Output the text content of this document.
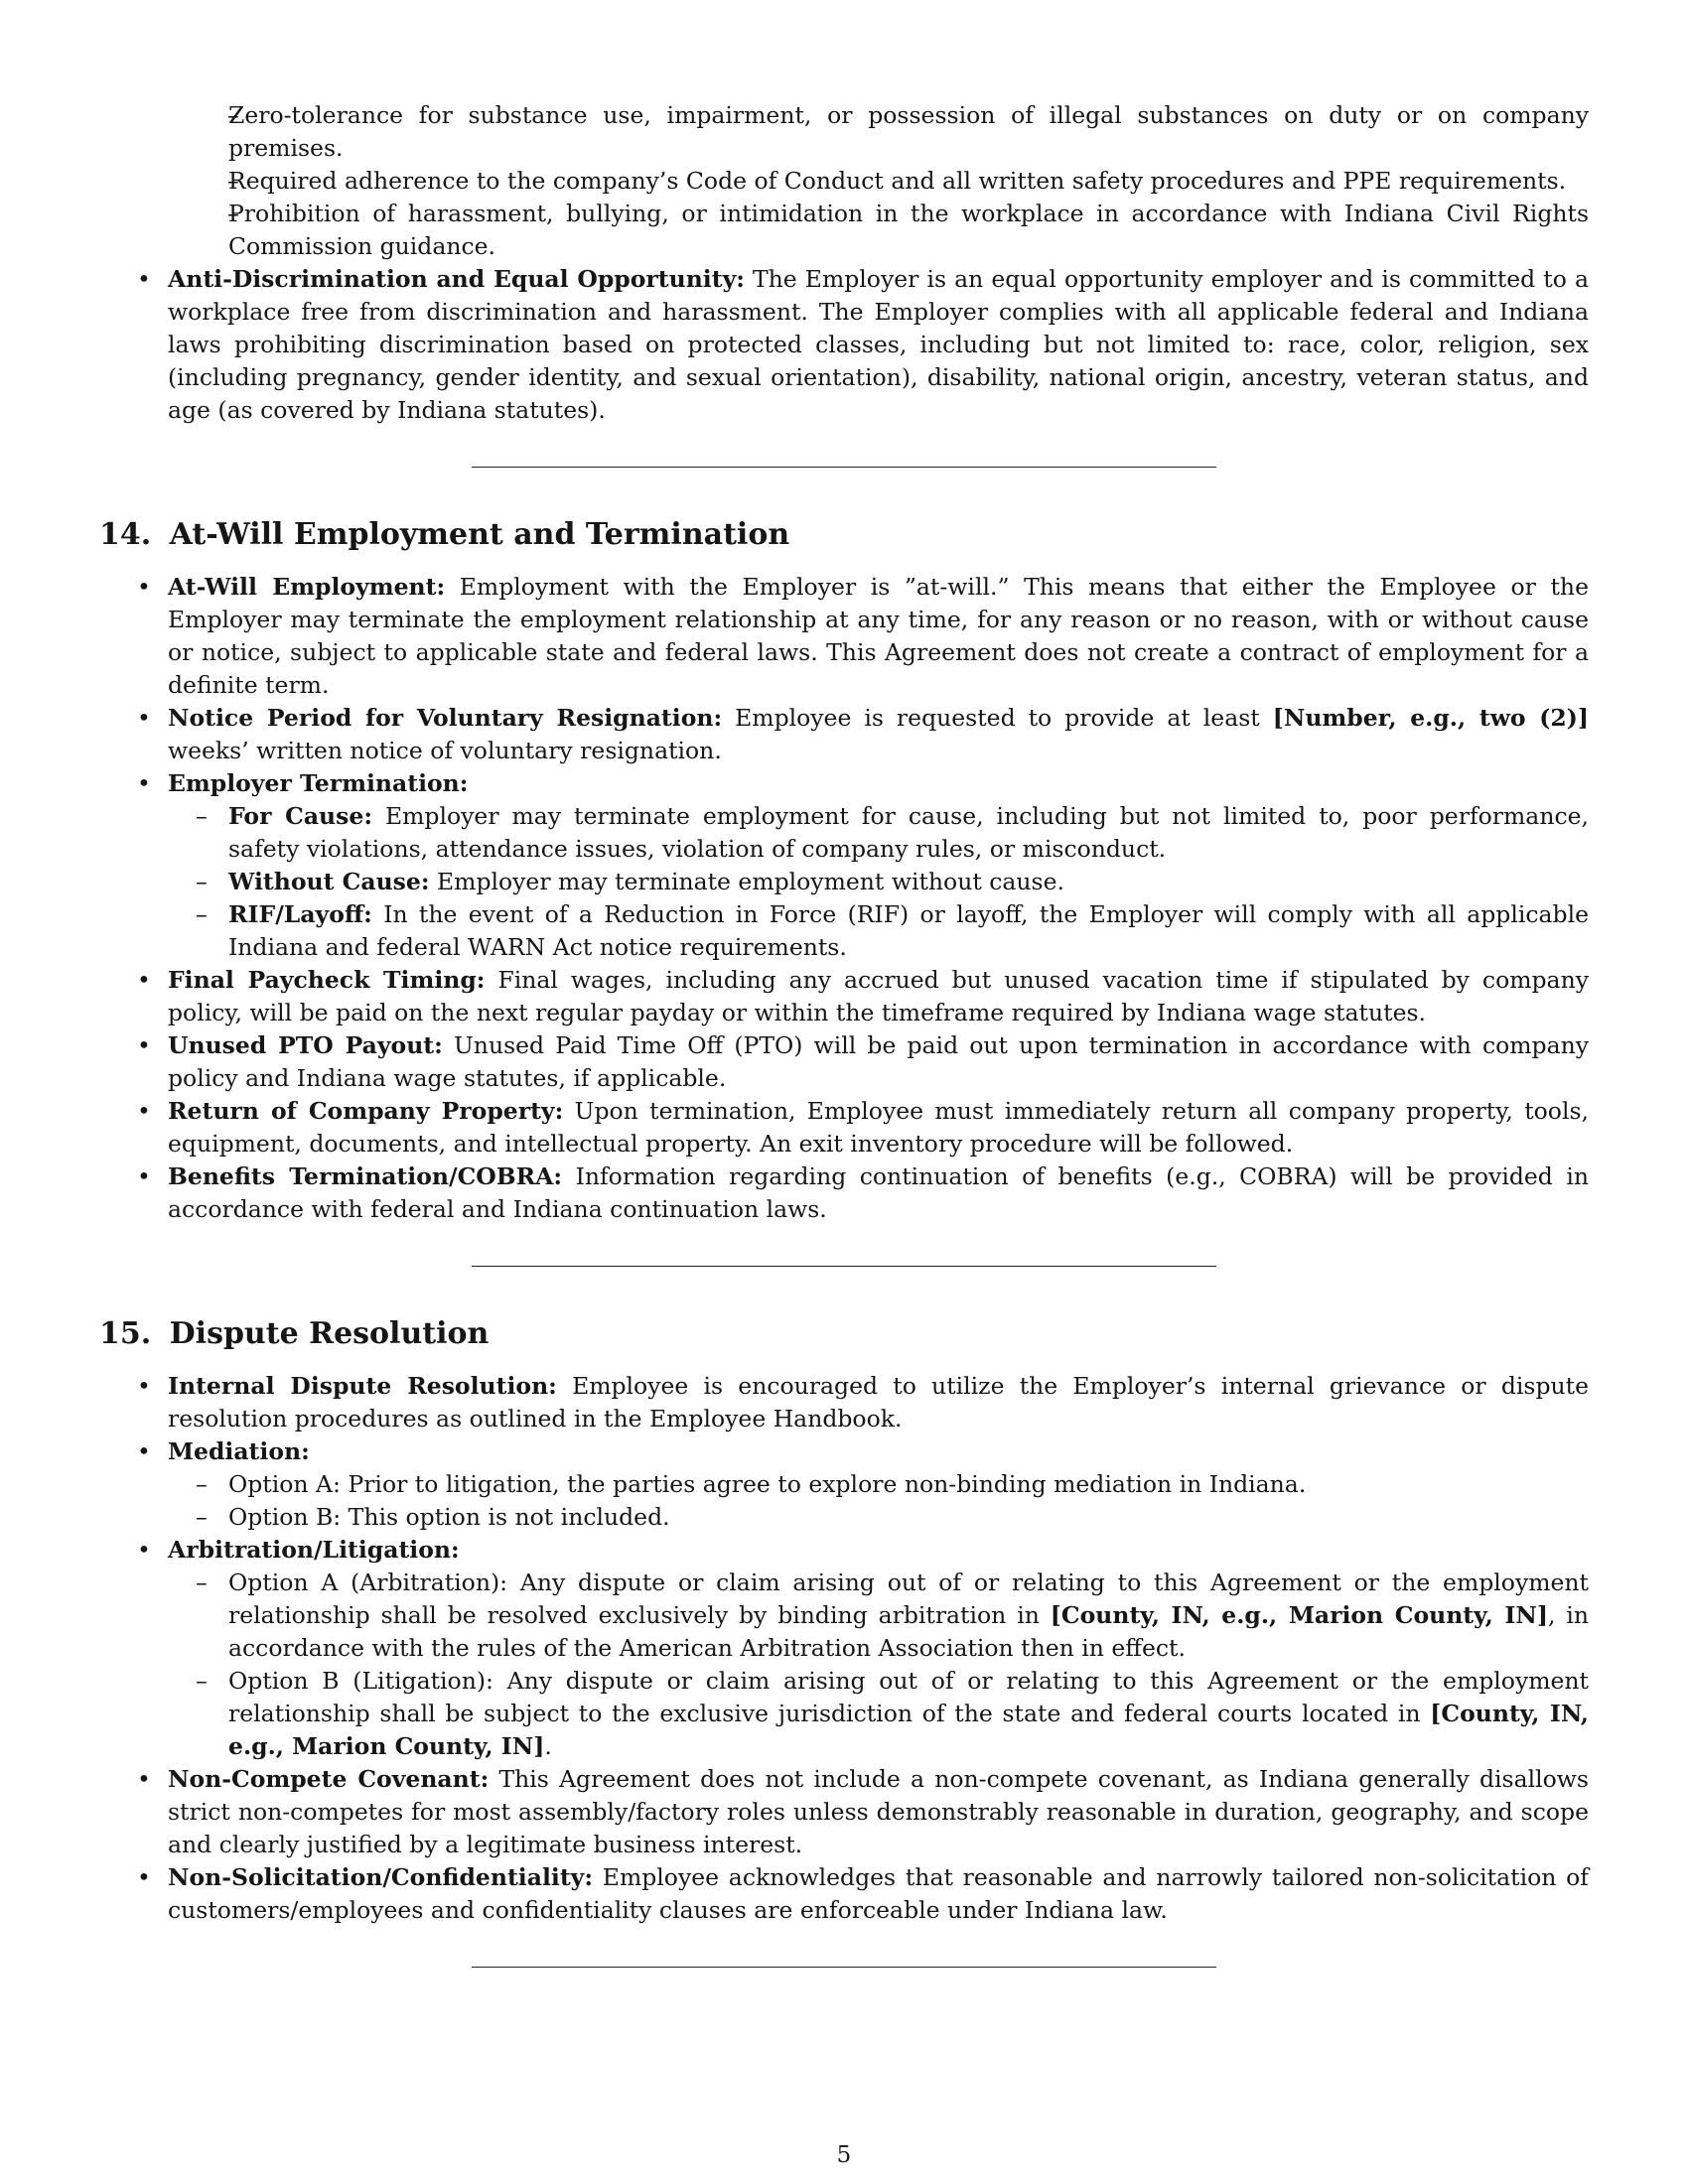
– Zero-tolerance for substance use, impairment, or possession of illegal substances on duty or on company premises.
– Required adherence to the company’s Code of Conduct and all written safety procedures and PPE requirements.
– Prohibition of harassment, bullying, or intimidation in the workplace in accordance with Indiana Civil Rights Commission guidance.
• Anti-Discrimination and Equal Opportunity: The Employer is an equal opportunity employer and is committed to a workplace free from discrimination and harassment. The Employer complies with all applicable federal and Indiana laws prohibiting discrimination based on protected classes, including but not limited to: race, color, religion, sex (including pregnancy, gender identity, and sexual orientation), disability, national origin, ancestry, veteran status, and age (as covered by Indiana statutes).
14. At-Will Employment and Termination
• At-Will Employment: Employment with the Employer is ”at-will.” This means that either the Employee or the Employer may terminate the employment relationship at any time, for any reason or no reason, with or without cause or notice, subject to applicable state and federal laws. This Agreement does not create a contract of employment for a definite term.
• Notice Period for Voluntary Resignation: Employee is requested to provide at least [Number, e.g., two (2)] weeks’ written notice of voluntary resignation.
• Employer Termination:
– For Cause: Employer may terminate employment for cause, including but not limited to, poor performance, safety violations, attendance issues, violation of company rules, or misconduct.
– Without Cause: Employer may terminate employment without cause.
– RIF/Layoff: In the event of a Reduction in Force (RIF) or layoff, the Employer will comply with all applicable Indiana and federal WARN Act notice requirements.
• Final Paycheck Timing: Final wages, including any accrued but unused vacation time if stipulated by company policy, will be paid on the next regular payday or within the timeframe required by Indiana wage statutes.
• Unused PTO Payout: Unused Paid Time Off (PTO) will be paid out upon termination in accordance with company policy and Indiana wage statutes, if applicable.
• Return of Company Property: Upon termination, Employee must immediately return all company property, tools, equipment, documents, and intellectual property. An exit inventory procedure will be followed.
• Benefits Termination/COBRA: Information regarding continuation of benefits (e.g., COBRA) will be provided in accordance with federal and Indiana continuation laws.
15. Dispute Resolution
• Internal Dispute Resolution: Employee is encouraged to utilize the Employer’s internal grievance or dispute resolution procedures as outlined in the Employee Handbook.
• Mediation:
– Option A: Prior to litigation, the parties agree to explore non-binding mediation in Indiana.
– Option B: This option is not included.
• Arbitration/Litigation:
– Option A (Arbitration): Any dispute or claim arising out of or relating to this Agreement or the employment relationship shall be resolved exclusively by binding arbitration in [County, IN, e.g., Marion County, IN], in accordance with the rules of the American Arbitration Association then in effect.
– Option B (Litigation): Any dispute or claim arising out of or relating to this Agreement or the employment relationship shall be subject to the exclusive jurisdiction of the state and federal courts located in [County, IN, e.g., Marion County, IN].
• Non-Compete Covenant: This Agreement does not include a non-compete covenant, as Indiana generally disallows strict non-competes for most assembly/factory roles unless demonstrably reasonable in duration, geography, and scope and clearly justified by a legitimate business interest.
• Non-Solicitation/Confidentiality: Employee acknowledges that reasonable and narrowly tailored non-solicitation of customers/employees and confidentiality clauses are enforceable under Indiana law.
5
